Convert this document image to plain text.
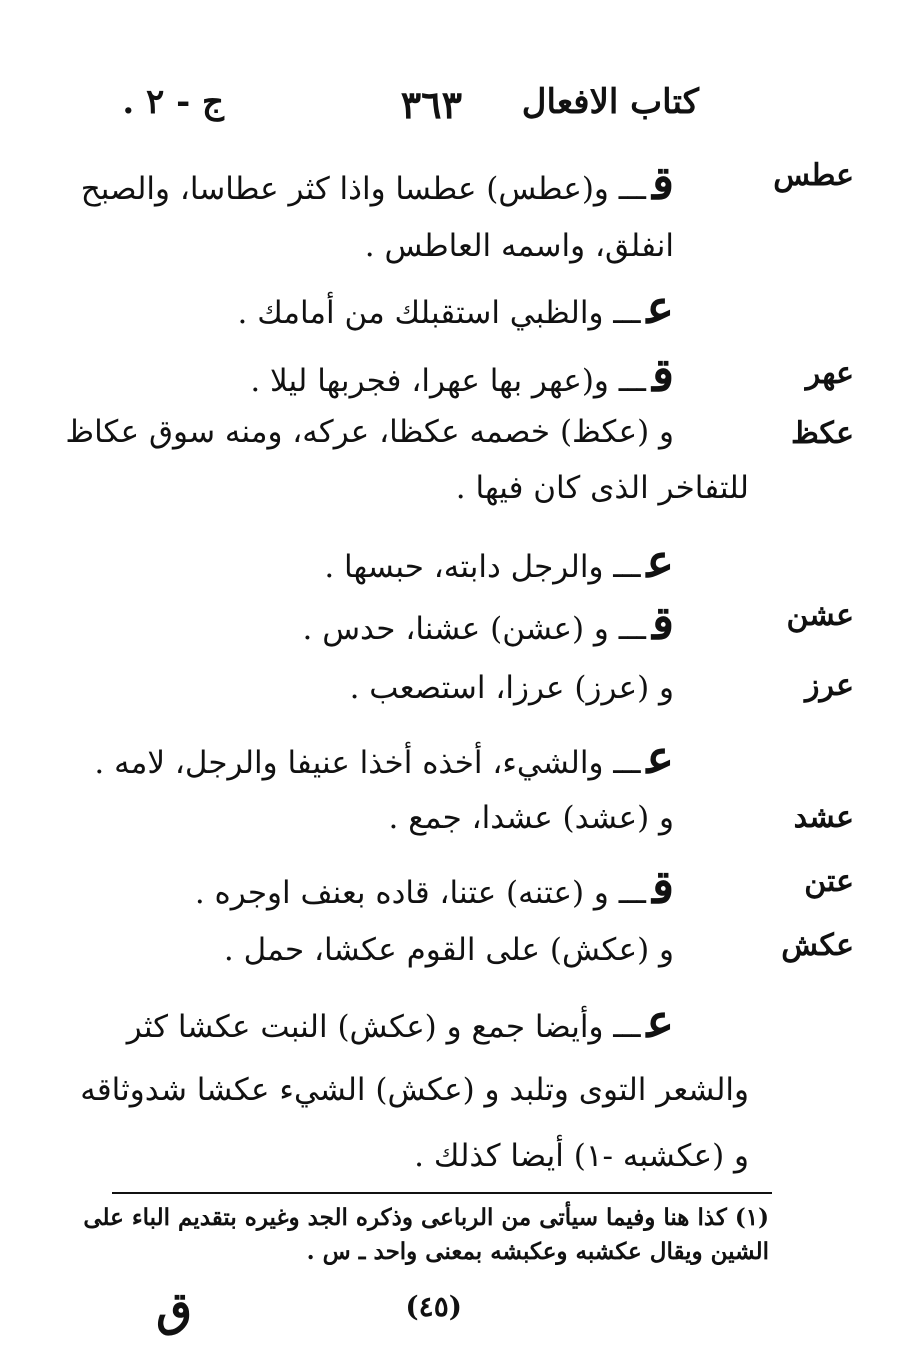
كتاب الافعال
٣٦٣
ج - ٢ .
عطس
قـــ و(عطس) عطسا واذا كثر عطاسا، والصبح
انفلق، واسمه العاطس .
عـــ والظبي استقبلك من أمامك .
عهر
قـــ و(عهر بها عهرا، فجربها ليلا .
عكظ
و (عكظ) خصمه عكظا، عركه، ومنه سوق عكاظ
للتفاخر الذى كان فيها .
عـــ والرجل دابته، حبسها .
عشن
قـــ و (عشن) عشنا، حدس .
عرز
و (عرز) عرزا، استصعب .
عـــ والشيء، أخذه أخذا عنيفا والرجل، لامه .
عشد
و (عشد) عشدا، جمع .
عتن
قـــ و (عتنه) عتنا، قاده بعنف اوجره .
عكش
و (عكش) على القوم عكشا، حمل .
عـــ وأيضا جمع و (عكش) النبت عكشا كثر
والشعر التوى وتلبد و (عكش) الشيء عكشا شدوثاقه
و (عكشبه -١) أيضا كذلك .
(١) كذا هنا وفيما سيأتى من الرباعى وذكره الجد وغيره بتقديم الباء على
الشين ويقال عكشبه وعكبشه بمعنى واحد ـ س .
(٤٥)
ق
